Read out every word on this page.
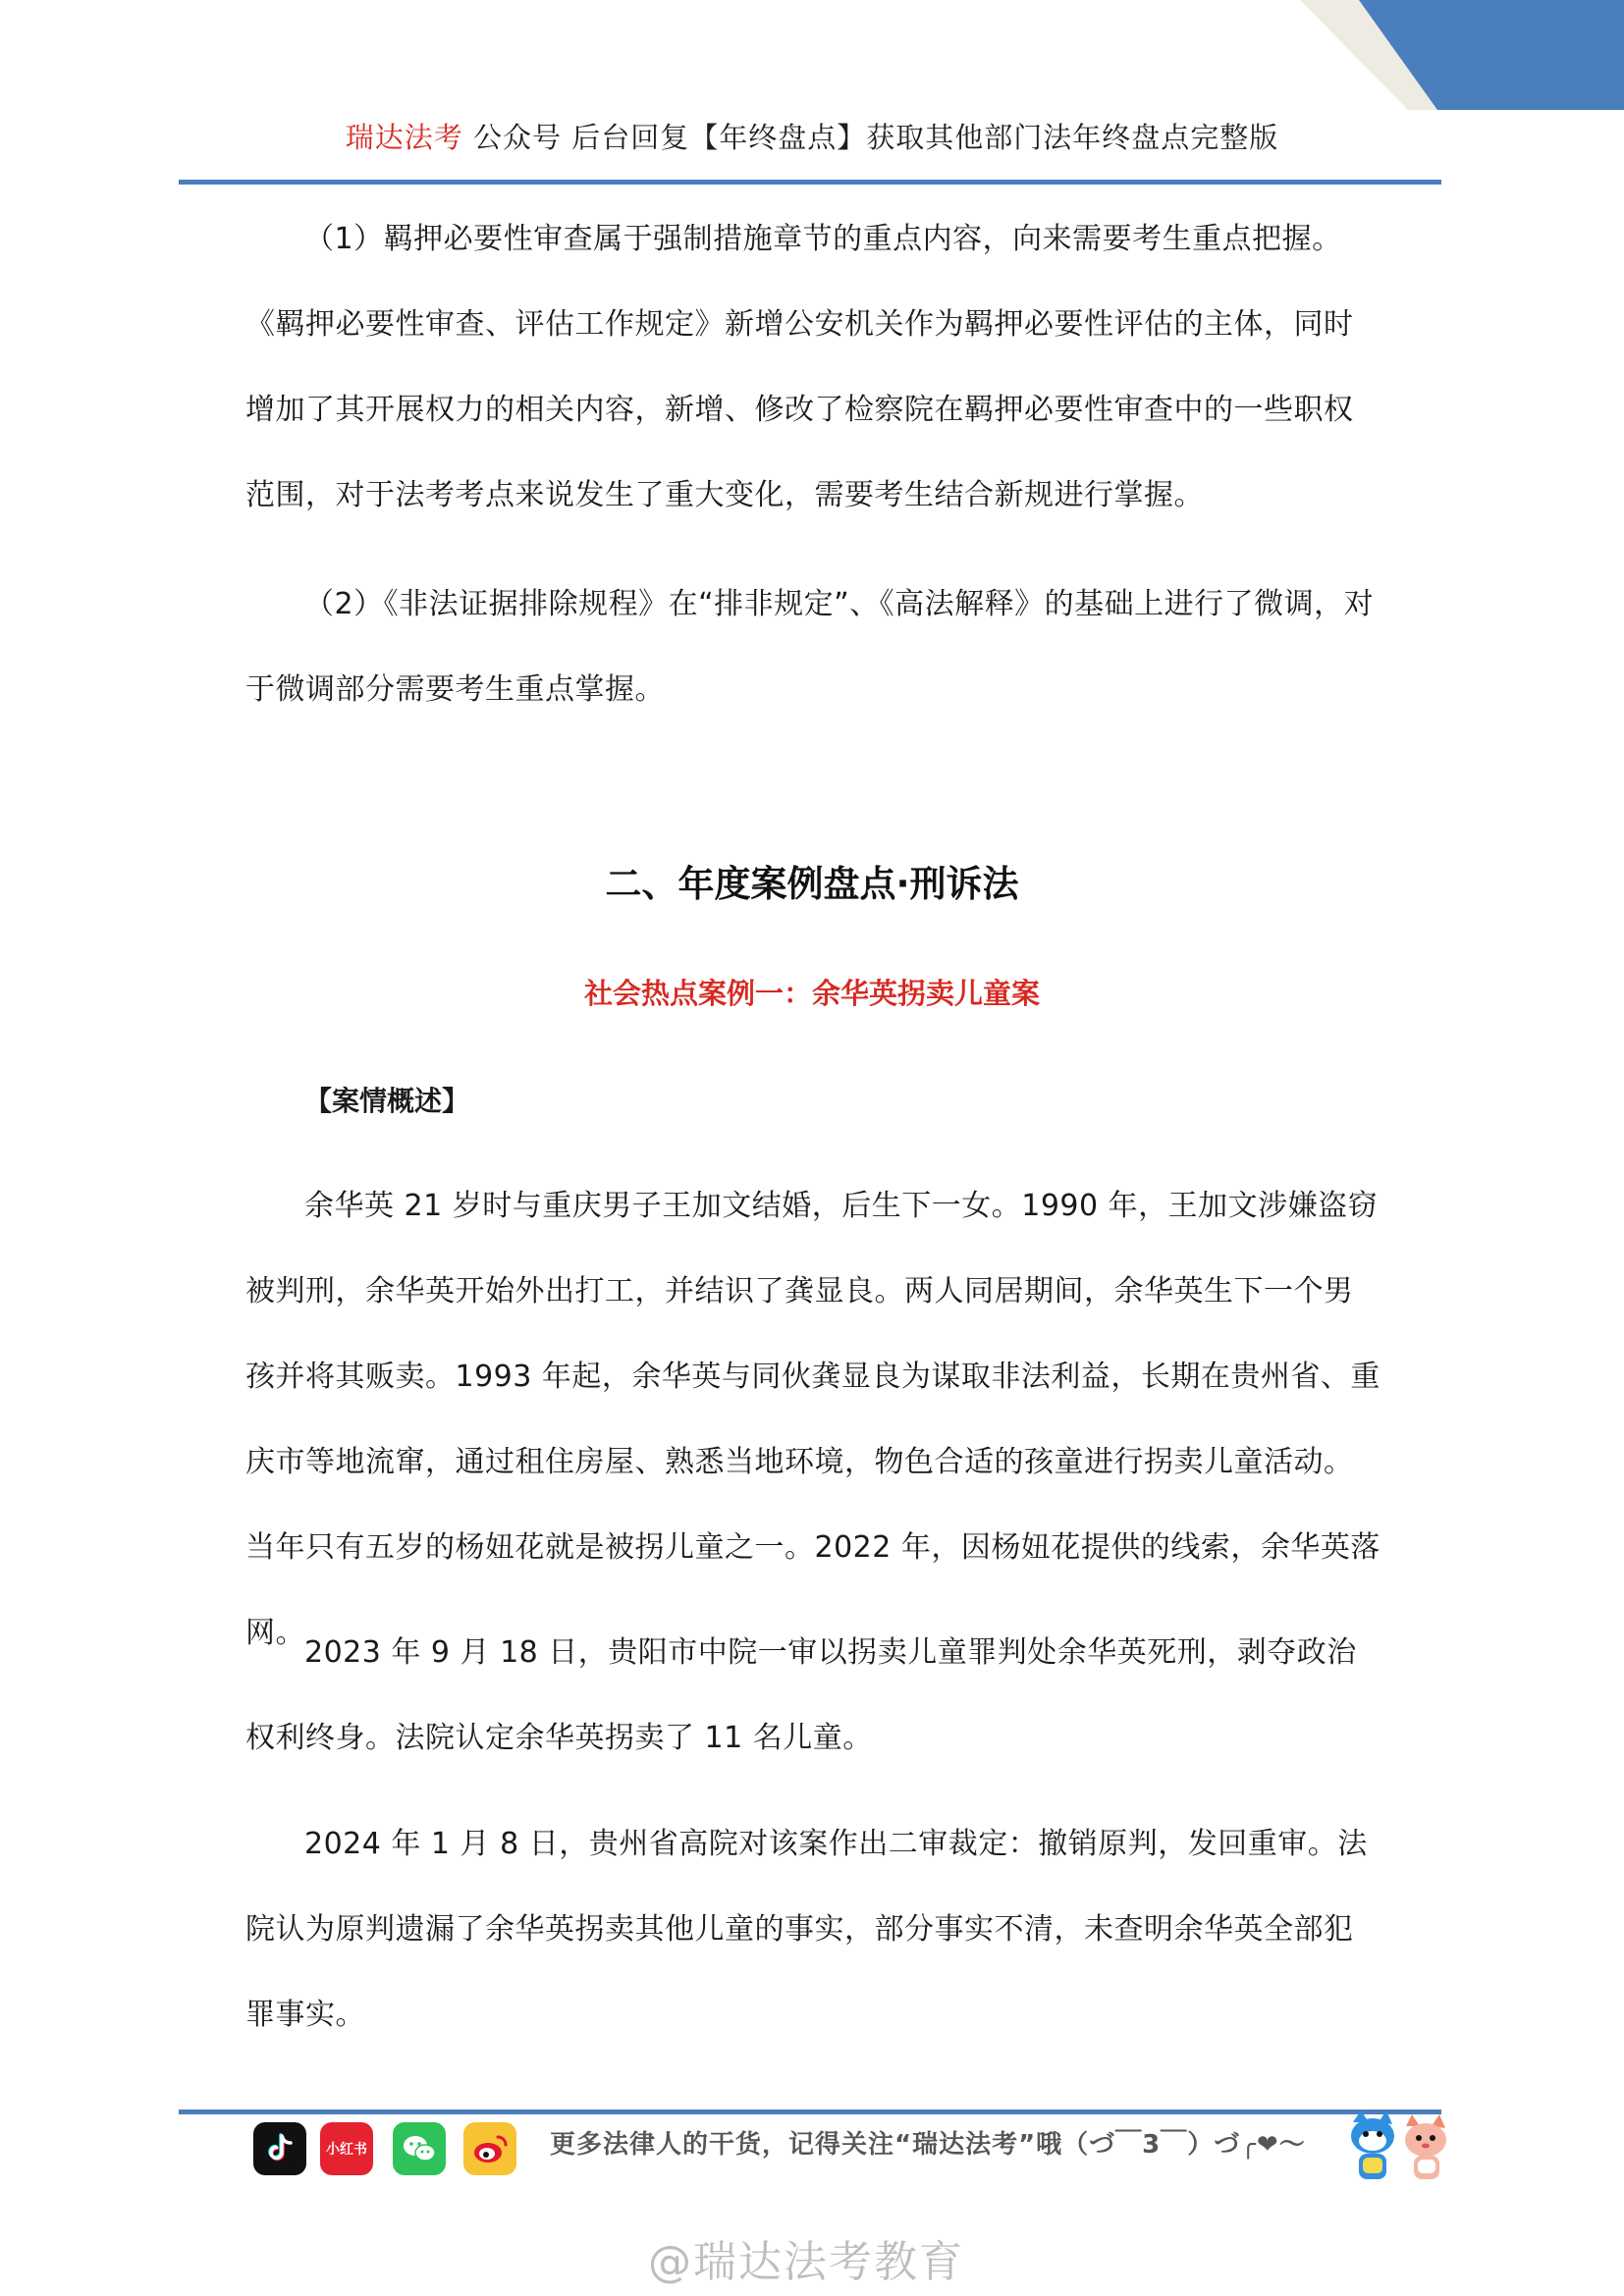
瑞达法考 公众号 后台回复【年终盘点】获取其他部门法年终盘点完整版

（1）羁押必要性审查属于强制措施章节的重点内容，向来需要考生重点把握。《羁押必要性审查、评估工作规定》新增公安机关作为羁押必要性评估的主体，同时增加了其开展权力的相关内容，新增、修改了检察院在羁押必要性审查中的一些职权范围，对于法考考点来说发生了重大变化，需要考生结合新规进行掌握。

（2）《非法证据排除规程》在“排非规定”、《高法解释》的基础上进行了微调，对于微调部分需要考生重点掌握。

二、年度案例盘点·刑诉法
社会热点案例一：余华英拐卖儿童案
【案情概述】

余华英 21 岁时与重庆男子王加文结婚，后生下一女。1990 年，王加文涉嫌盗窃被判刑，余华英开始外出打工，并结识了龚显良。两人同居期间，余华英生下一个男孩并将其贩卖。1993 年起，余华英与同伙龚显良为谋取非法利益，长期在贵州省、重庆市等地流窜，通过租住房屋、熟悉当地环境，物色合适的孩童进行拐卖儿童活动。当年只有五岁的杨妞花就是被拐儿童之一。2022 年，因杨妞花提供的线索，余华英落网。

2023 年 9 月 18 日，贵阳市中院一审以拐卖儿童罪判处余华英死刑，剥夺政治权利终身。法院认定余华英拐卖了 11 名儿童。

2024 年 1 月 8 日，贵州省高院对该案作出二审裁定：撤销原判，发回重审。法院认为原判遗漏了余华英拐卖其他儿童的事实，部分事实不清，未查明余华英全部犯罪事实。

小红书	更多法律人的干货，记得关注“瑞达法考”哦（づ￣3￣）づ╭❤～
@瑞达法考教育
